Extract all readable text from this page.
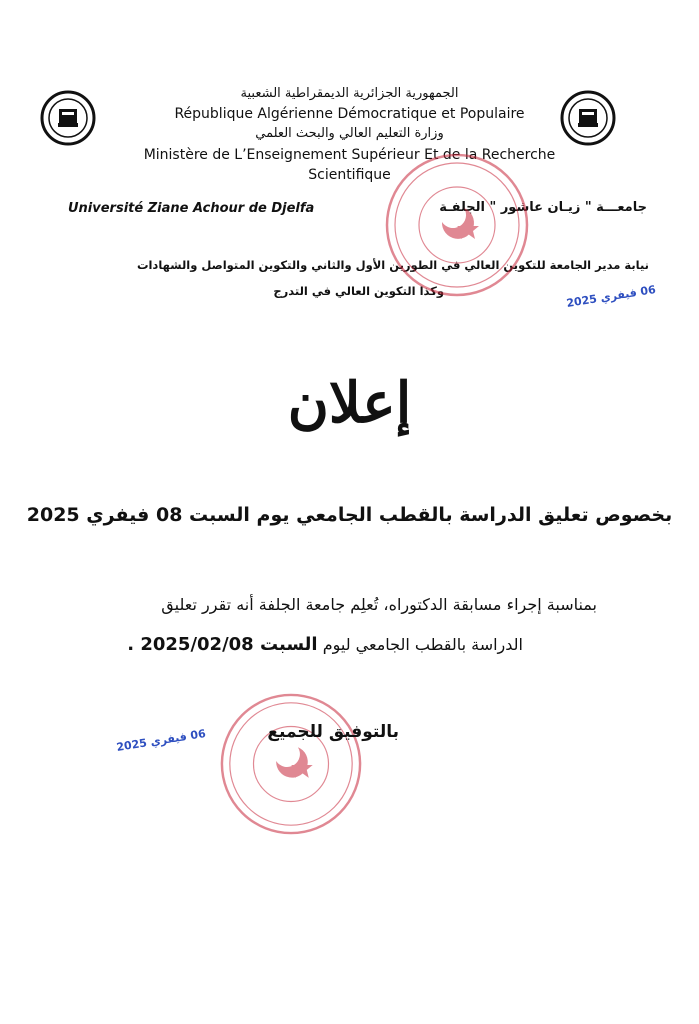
الجمهورية الجزائرية الديمقراطية الشعبية
République Algérienne Démocratique et Populaire
وزارة التعليم العالي والبحث العلمي
Ministère de L’Enseignement Supérieur Et de la Recherche
Scientifique
Université Ziane Achour de Djelfa	جامعـــة " زيـان عاشور " الجلفـة
نيابة مدير الجامعة للتكوين العالي في الطورين الأول والثاني والتكوين المتواصل والشهادات
وكذا التكوين العالي في التدرج
06 فيفري 2025
إعلان
بخصوص تعليق الدراسة بالقطب الجامعي يوم السبت 08 فيفري 2025
بمناسبة إجراء مسابقة الدكتوراه، تُعلِم جامعة الجلفة أنه تقرر تعليق
الدراسة بالقطب الجامعي ليوم السبت 2025/02/08 .
بالتوفيق للجميع
06 فيفري 2025
